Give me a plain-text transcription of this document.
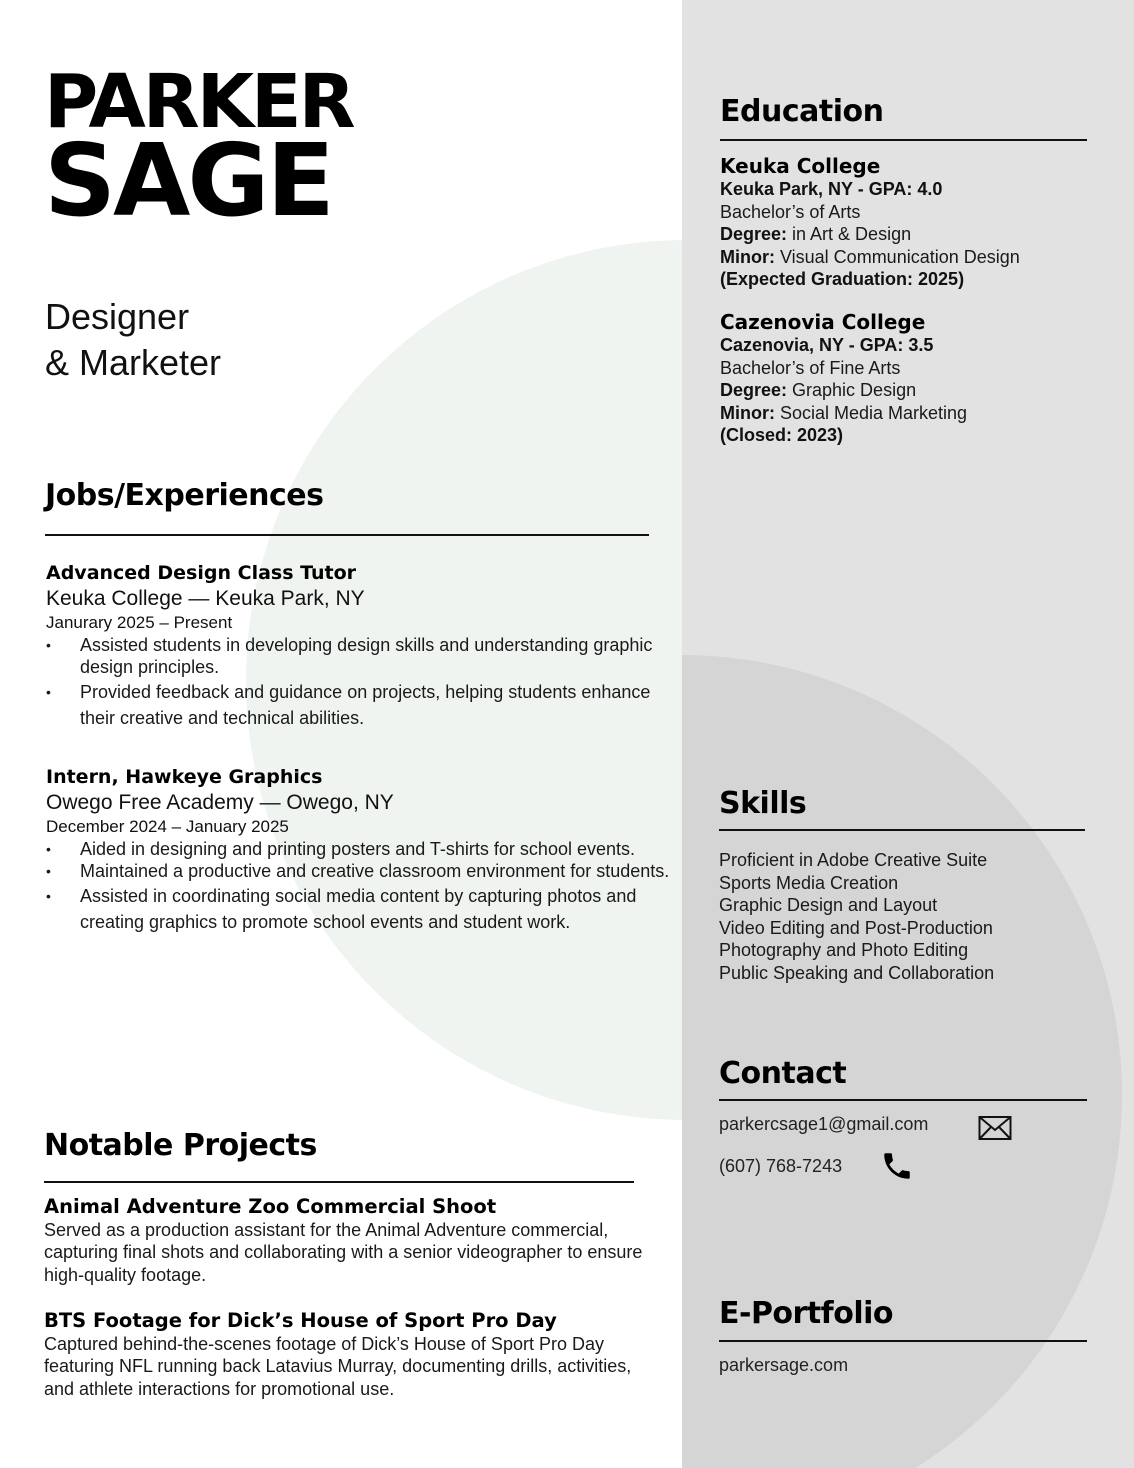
PARKER
SAGE
Designer
& Marketer
Jobs/Experiences
Advanced Design Class Tutor
Keuka College — Keuka Park, NY
Janurary 2025 – Present
• Assisted students in developing design skills and understanding graphic design principles.
• Provided feedback and guidance on projects, helping students enhance their creative and technical abilities.
Intern, Hawkeye Graphics
Owego Free Academy — Owego, NY
December 2024 – January 2025
• Aided in designing and printing posters and T-shirts for school events.
• Maintained a productive and creative classroom environment for students.
• Assisted in coordinating social media content by capturing photos and creating graphics to promote school events and student work.
Notable Projects
Animal Adventure Zoo Commercial Shoot
Served as a production assistant for the Animal Adventure commercial, capturing final shots and collaborating with a senior videographer to ensure high-quality footage.
BTS Footage for Dick’s House of Sport Pro Day
Captured behind-the-scenes footage of Dick’s House of Sport Pro Day featuring NFL running back Latavius Murray, documenting drills, activities, and athlete interactions for promotional use.
Education
Keuka College
Keuka Park, NY - GPA: 4.0
Bachelor’s of Arts
Degree: in Art & Design
Minor: Visual Communication Design
(Expected Graduation: 2025)
Cazenovia College
Cazenovia, NY - GPA: 3.5
Bachelor’s of Fine Arts
Degree: Graphic Design
Minor: Social Media Marketing
(Closed: 2023)
Skills
Proficient in Adobe Creative Suite
Sports Media Creation
Graphic Design and Layout
Video Editing and Post-Production
Photography and Photo Editing
Public Speaking and Collaboration
Contact
parkercsage1@gmail.com
(607) 768-7243
E-Portfolio
parkersage.com
